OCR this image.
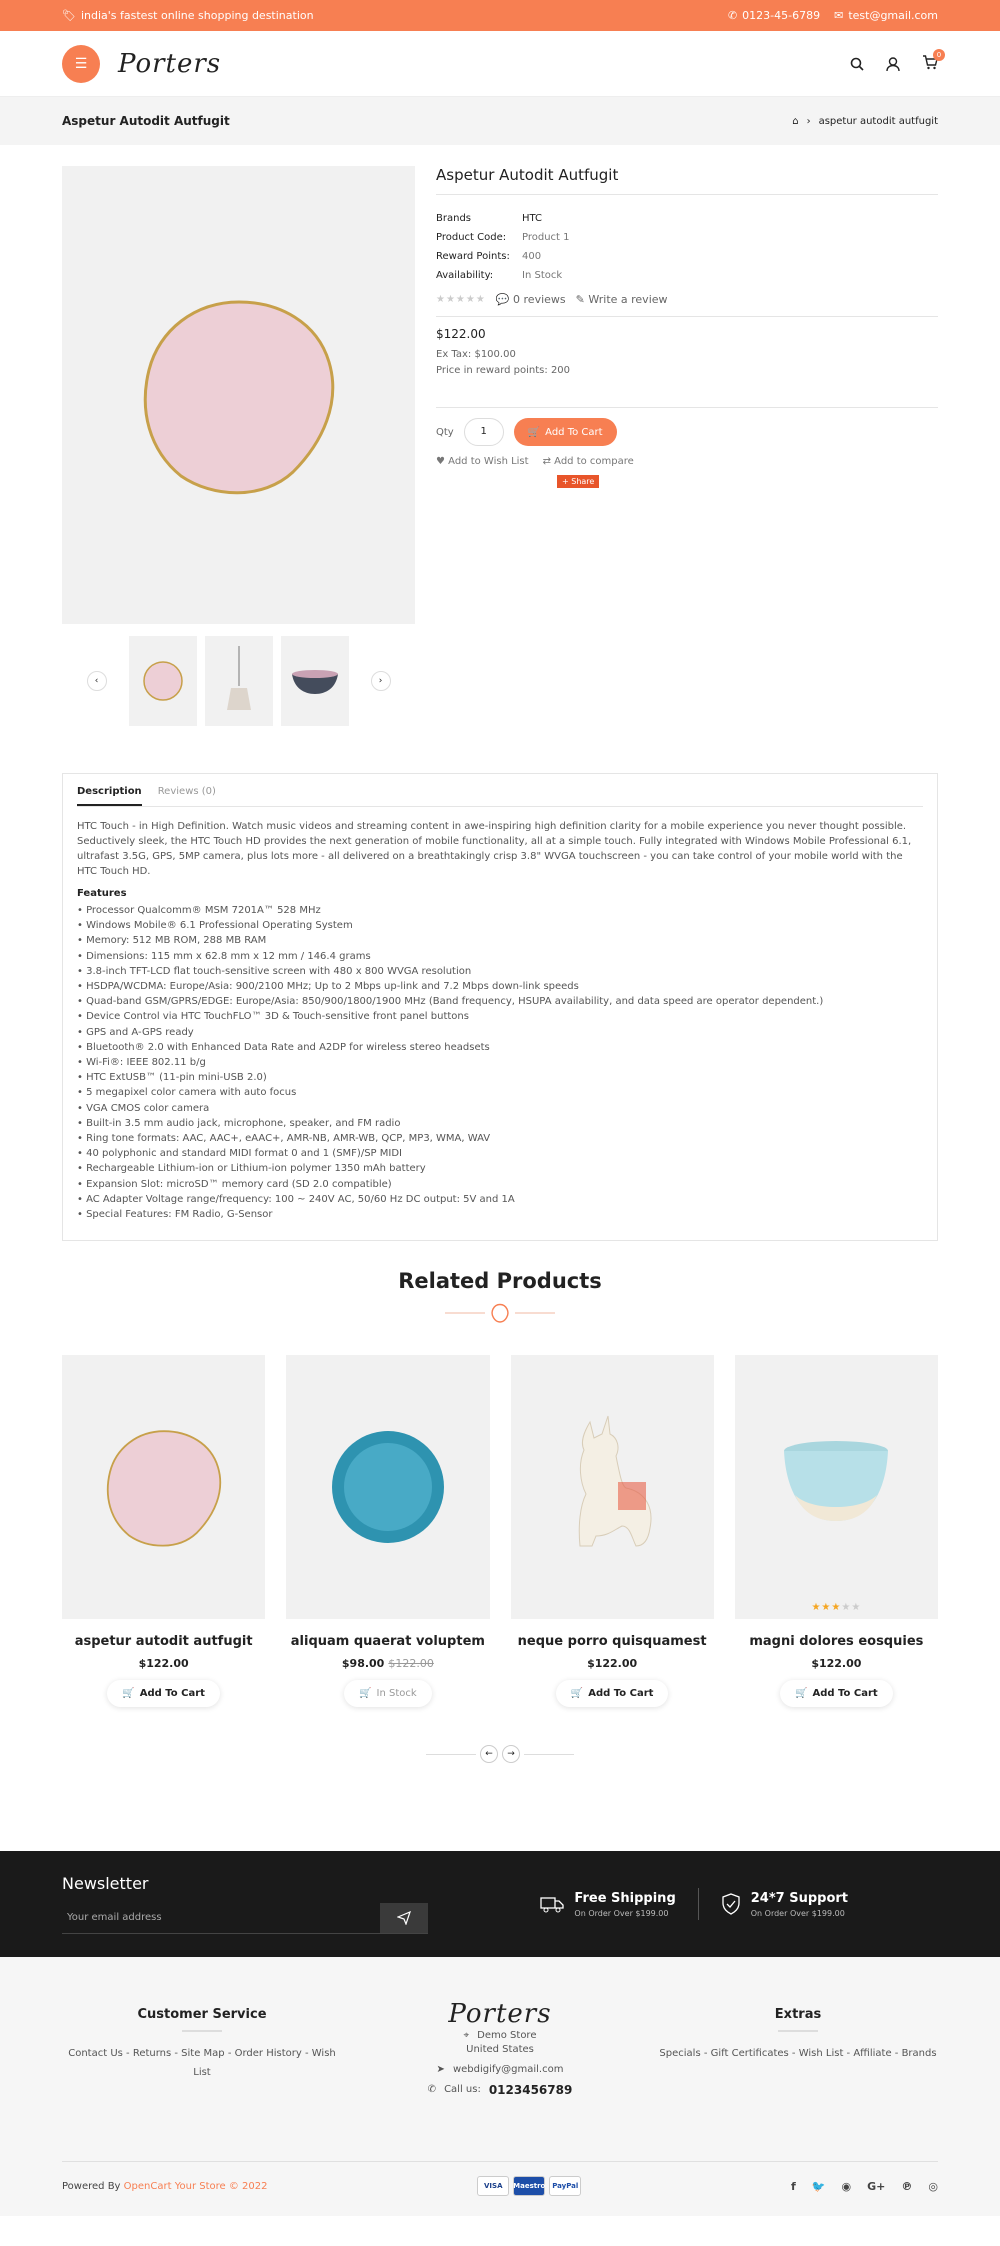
🏷 india's fastest online shopping destination	✆ 0123-45-6789 ✉ test@gmail.com
☰ Porters	0
Aspetur Autodit Autfugit	⌂ › aspetur autodit autfugit
‹	›
Aspetur Autodit Autfugit
Brands	HTC
Product Code:	Product 1
Reward Points:	400
Availability:	In Stock
★★★★★ 💬 0 reviews ✎ Write a review
$122.00
Ex Tax: $100.00
Price in reward points: 200
Qty	1	🛒 Add To Cart
♥ Add to Wish List ⇄ Add to compare
+ Share
Description Reviews (0)

HTC Touch - in High Definition. Watch music videos and streaming content in awe-inspiring high definition clarity for a mobile experience you never thought possible. Seductively sleek, the HTC Touch HD provides the next generation of mobile functionality, all at a simple touch. Fully integrated with Windows Mobile Professional 6.1, ultrafast 3.5G, GPS, 5MP camera, plus lots more - all delivered on a breathtakingly crisp 3.8" WVGA touchscreen - you can take control of your mobile world with the HTC Touch HD.

Features
• Processor Qualcomm® MSM 7201A™ 528 MHz
• Windows Mobile® 6.1 Professional Operating System
• Memory: 512 MB ROM, 288 MB RAM
• Dimensions: 115 mm x 62.8 mm x 12 mm / 146.4 grams
• 3.8-inch TFT-LCD flat touch-sensitive screen with 480 x 800 WVGA resolution
• HSDPA/WCDMA: Europe/Asia: 900/2100 MHz; Up to 2 Mbps up-link and 7.2 Mbps down-link speeds
• Quad-band GSM/GPRS/EDGE: Europe/Asia: 850/900/1800/1900 MHz (Band frequency, HSUPA availability, and data speed are operator dependent.)
• Device Control via HTC TouchFLO™ 3D & Touch-sensitive front panel buttons
• GPS and A-GPS ready
• Bluetooth® 2.0 with Enhanced Data Rate and A2DP for wireless stereo headsets
• Wi-Fi®: IEEE 802.11 b/g
• HTC ExtUSB™ (11-pin mini-USB 2.0)
• 5 megapixel color camera with auto focus
• VGA CMOS color camera
• Built-in 3.5 mm audio jack, microphone, speaker, and FM radio
• Ring tone formats: AAC, AAC+, eAAC+, AMR-NB, AMR-WB, QCP, MP3, WMA, WAV
• 40 polyphonic and standard MIDI format 0 and 1 (SMF)/SP MIDI
• Rechargeable Lithium-ion or Lithium-ion polymer 1350 mAh battery
• Expansion Slot: microSD™ memory card (SD 2.0 compatible)
• AC Adapter Voltage range/frequency: 100 ~ 240V AC, 50/60 Hz DC output: 5V and 1A
• Special Features: FM Radio, G-Sensor
Related Products
aspetur autodit autfugit
$122.00
🛒 Add To Cart
aliquam quaerat voluptem
$98.00 $122.00
🛒 In Stock
neque porro quisquamest
$122.00
🛒 Add To Cart
★★★★★
magni dolores eosquies
$122.00
🛒 Add To Cart
←	→
Newsletter
Your email address
Free Shipping
On Order Over $199.00
24*7 Support
On Order Over $199.00
Customer Service
Contact Us - Returns - Site Map - Order History - Wish List
Porters
⌖ Demo Store
United States
➤ webdigify@gmail.com
✆ Call us: 0123456789
Extras
Specials - Gift Certificates - Wish List - Affiliate - Brands
Powered By OpenCart Your Store © 2022	VISA	Maestro PayPal	f 🐦 ◉ G+ ℗ ◎
